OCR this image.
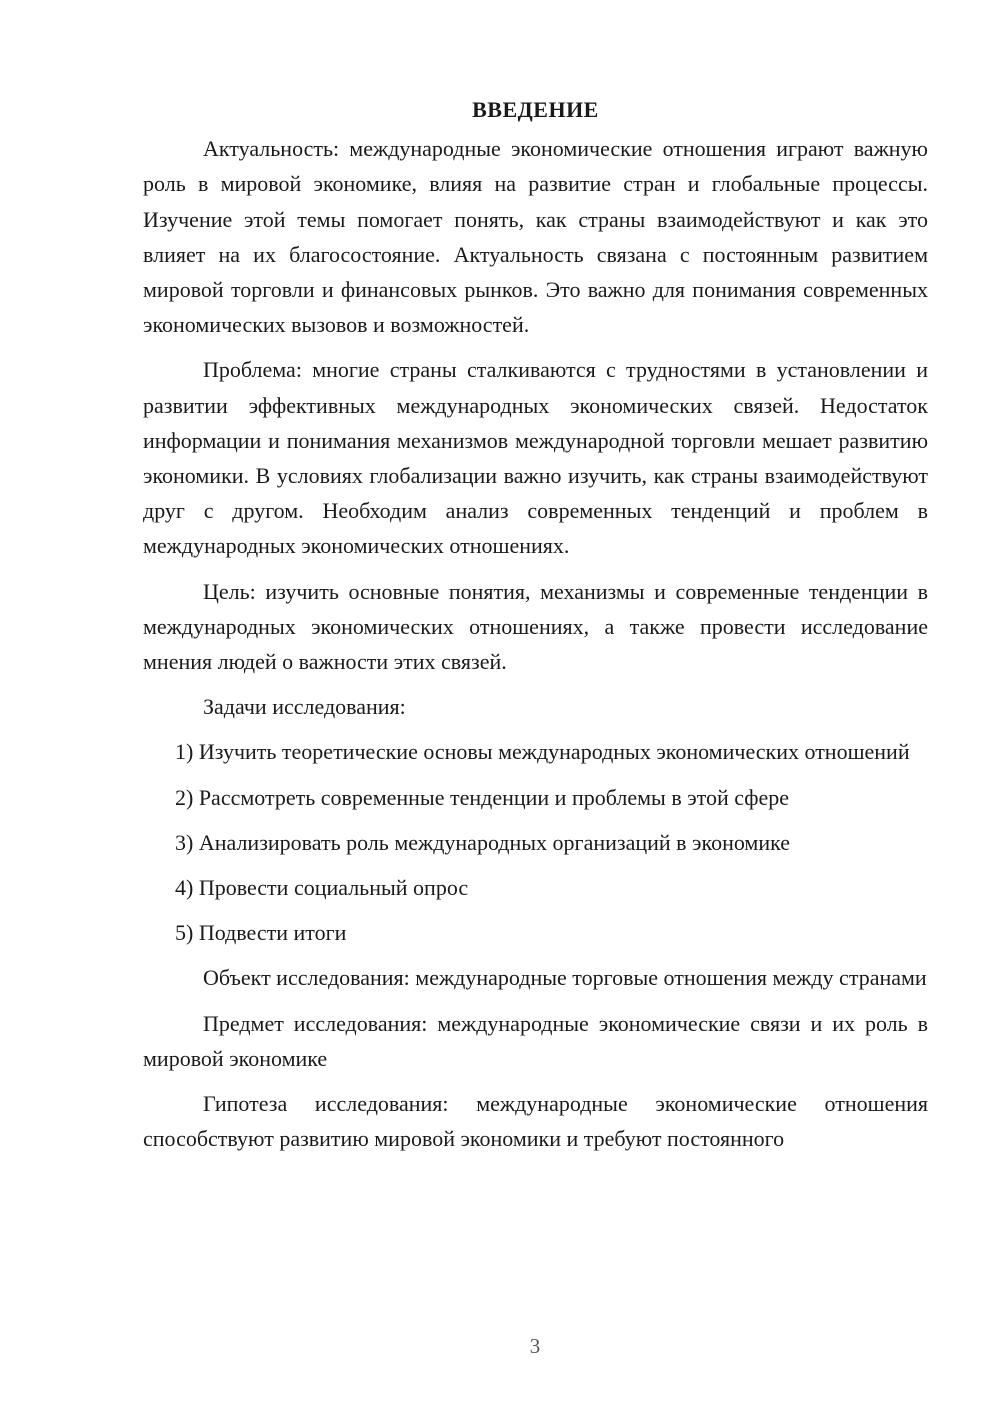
ВВЕДЕНИЕ

Актуальность: международные экономические отношения играют важную роль в мировой экономике, влияя на развитие стран и глобальные процессы. Изучение этой темы помогает понять, как страны взаимодействуют и как это влияет на их благосостояние. Актуальность связана с постоянным развитием мировой торговли и финансовых рынков. Это важно для понимания современных экономических вызовов и возможностей.

Проблема: многие страны сталкиваются с трудностями в установлении и развитии эффективных международных экономических связей. Недостаток информации и понимания механизмов международной торговли мешает развитию экономики. В условиях глобализации важно изучить, как страны взаимодействуют друг с другом. Необходим анализ современных тенденций и проблем в международных экономических отношениях.

Цель: изучить основные понятия, механизмы и современные тенденции в международных экономических отношениях, а также провести исследование мнения людей о важности этих связей.

Задачи исследования:

1) Изучить теоретические основы международных экономических отношений

2) Рассмотреть современные тенденции и проблемы в этой сфере

3) Анализировать роль международных организаций в экономике

4) Провести социальный опрос

5) Подвести итоги

Объект исследования: международные торговые отношения между странами

Предмет исследования: международные экономические связи и их роль в мировой экономике

Гипотеза исследования: международные экономические отношения способствуют развитию мировой экономики и требуют постоянного

3
